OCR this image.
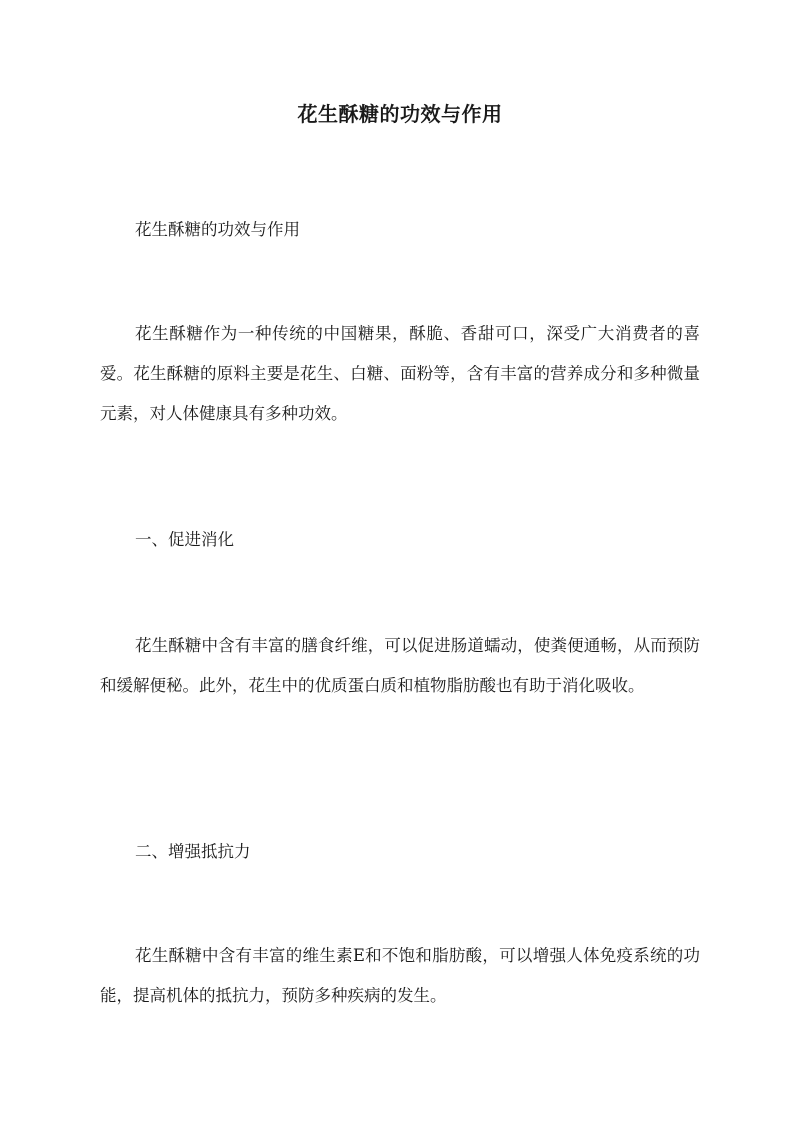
花生酥糖的功效与作用

花生酥糖的功效与作用

花生酥糖作为一种传统的中国糖果，酥脆、香甜可口，深受广大消费者的喜爱。花生酥糖的原料主要是花生、白糖、面粉等，含有丰富的营养成分和多种微量元素，对人体健康具有多种功效。

一、促进消化

花生酥糖中含有丰富的膳食纤维，可以促进肠道蠕动，使粪便通畅，从而预防和缓解便秘。此外，花生中的优质蛋白质和植物脂肪酸也有助于消化吸收。

二、增强抵抗力

花生酥糖中含有丰富的维生素E和不饱和脂肪酸，可以增强人体免疫系统的功能，提高机体的抵抗力，预防多种疾病的发生。
